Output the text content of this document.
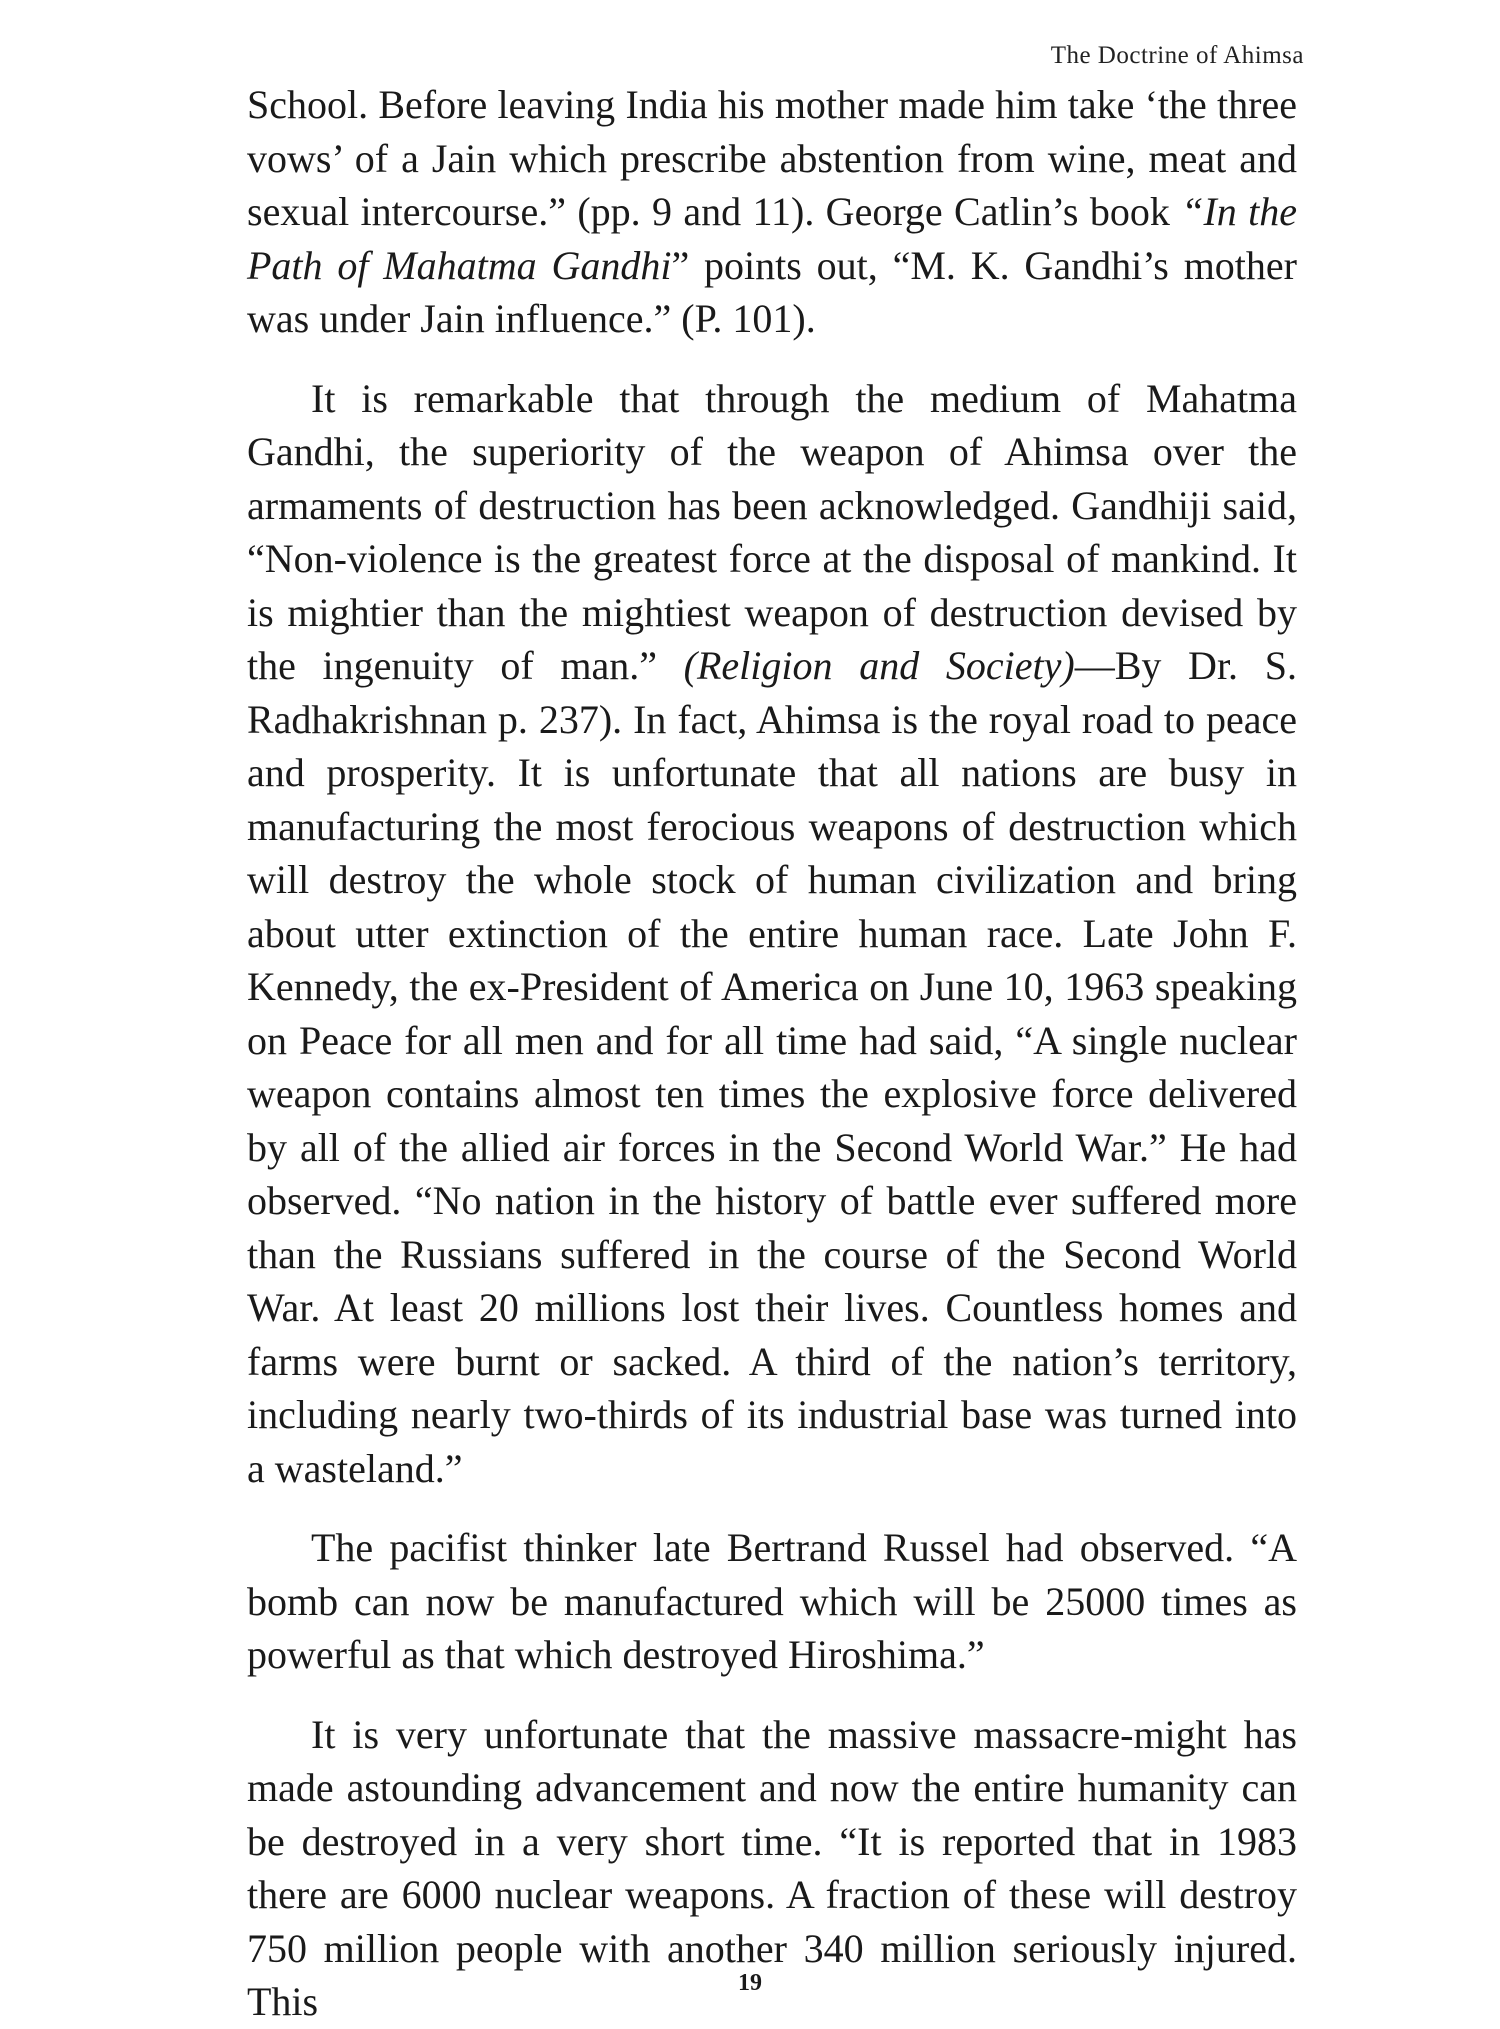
The Doctrine of Ahimsa

School. Before leaving India his mother made him take ‘the three vows’ of a Jain which prescribe abstention from wine, meat and sexual intercourse.” (pp. 9 and 11). George Catlin’s book “In the Path of Mahatma Gandhi” points out, “M. K. Gandhi’s mother was under Jain influence.” (P. 101).

It is remarkable that through the medium of Mahatma Gandhi, the superiority of the weapon of Ahimsa over the armaments of destruction has been acknowledged. Gandhiji said, “Non-violence is the greatest force at the disposal of mankind. It is mightier than the mightiest weapon of destruction devised by the ingenuity of man.” (Religion and Society)—By Dr. S. Radhakrishnan p. 237). In fact, Ahimsa is the royal road to peace and prosperity. It is unfortunate that all nations are busy in manufacturing the most ferocious weapons of destruction which will destroy the whole stock of human civilization and bring about utter extinction of the entire human race. Late John F. Kennedy, the ex-President of America on June 10, 1963 speaking on Peace for all men and for all time had said, “A single nuclear weapon contains almost ten times the explosive force delivered by all of the allied air forces in the Second World War.” He had observed. “No nation in the history of battle ever suffered more than the Russians suffered in the course of the Second World War. At least 20 millions lost their lives. Countless homes and farms were burnt or sacked. A third of the nation’s territory, including nearly two-thirds of its industrial base was turned into a wasteland.”

The pacifist thinker late Bertrand Russel had observed. “A bomb can now be manufactured which will be 25000 times as powerful as that which destroyed Hiroshima.”

It is very unfortunate that the massive massacre-might has made astounding advancement and now the entire humanity can be destroyed in a very short time. “It is reported that in 1983 there are 6000 nuclear weapons. A fraction of these will destroy 750 million people with another 340 million seriously injured. This	19
